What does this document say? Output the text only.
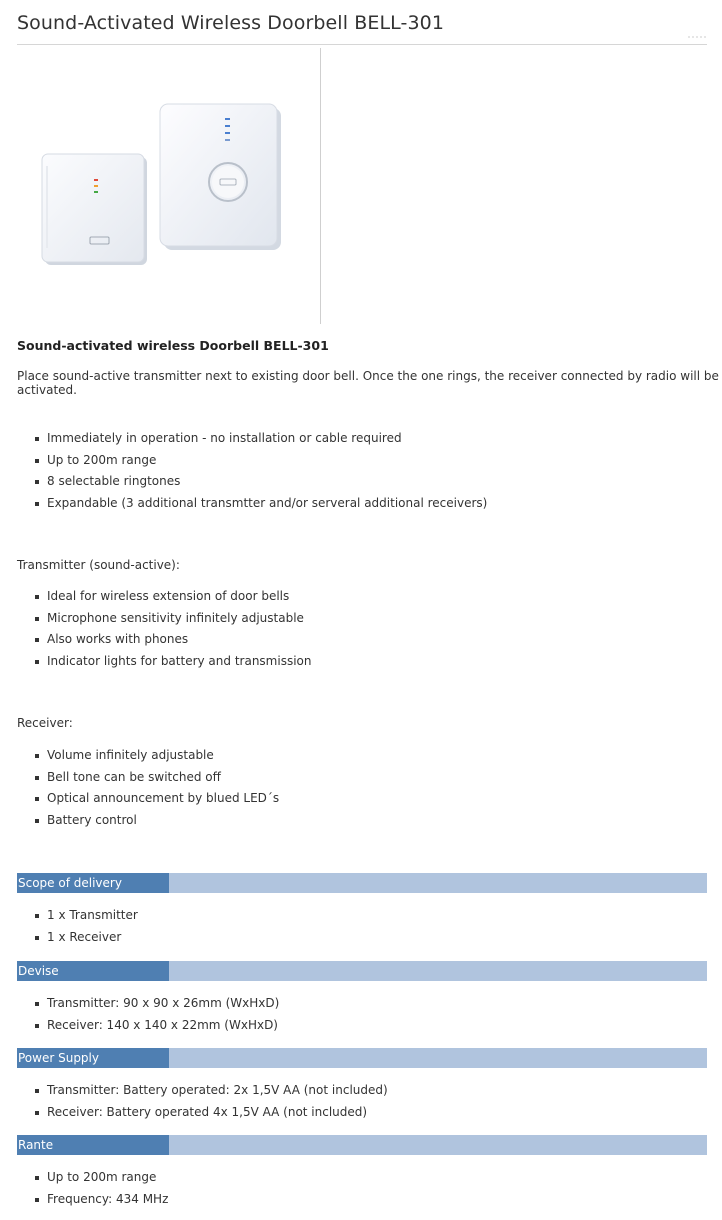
Sound-Activated Wireless Doorbell BELL-301
Sound-activated wireless Doorbell BELL-301
Place sound-active transmitter next to existing door bell. Once the one rings, the receiver connected by radio will be activated.
Immediately in operation - no installation or cable required
Up to 200m range
8 selectable ringtones
Expandable (3 additional transmtter and/or serveral additional receivers)
Transmitter (sound-active):
Ideal for wireless extension of door bells
Microphone sensitivity infinitely adjustable
Also works with phones
Indicator lights for battery and transmission
Receiver:
Volume infinitely adjustable
Bell tone can be switched off
Optical announcement by blued LED´s
Battery control
Scope of delivery
1 x Transmitter
1 x Receiver
Devise
Transmitter: 90 x 90 x 26mm (WxHxD)
Receiver: 140 x 140 x 22mm (WxHxD)
Power Supply
Transmitter: Battery operated: 2x 1,5V AA (not included)
Receiver: Battery operated 4x 1,5V AA (not included)
Rante
Up to 200m range
Frequency: 434 MHz
